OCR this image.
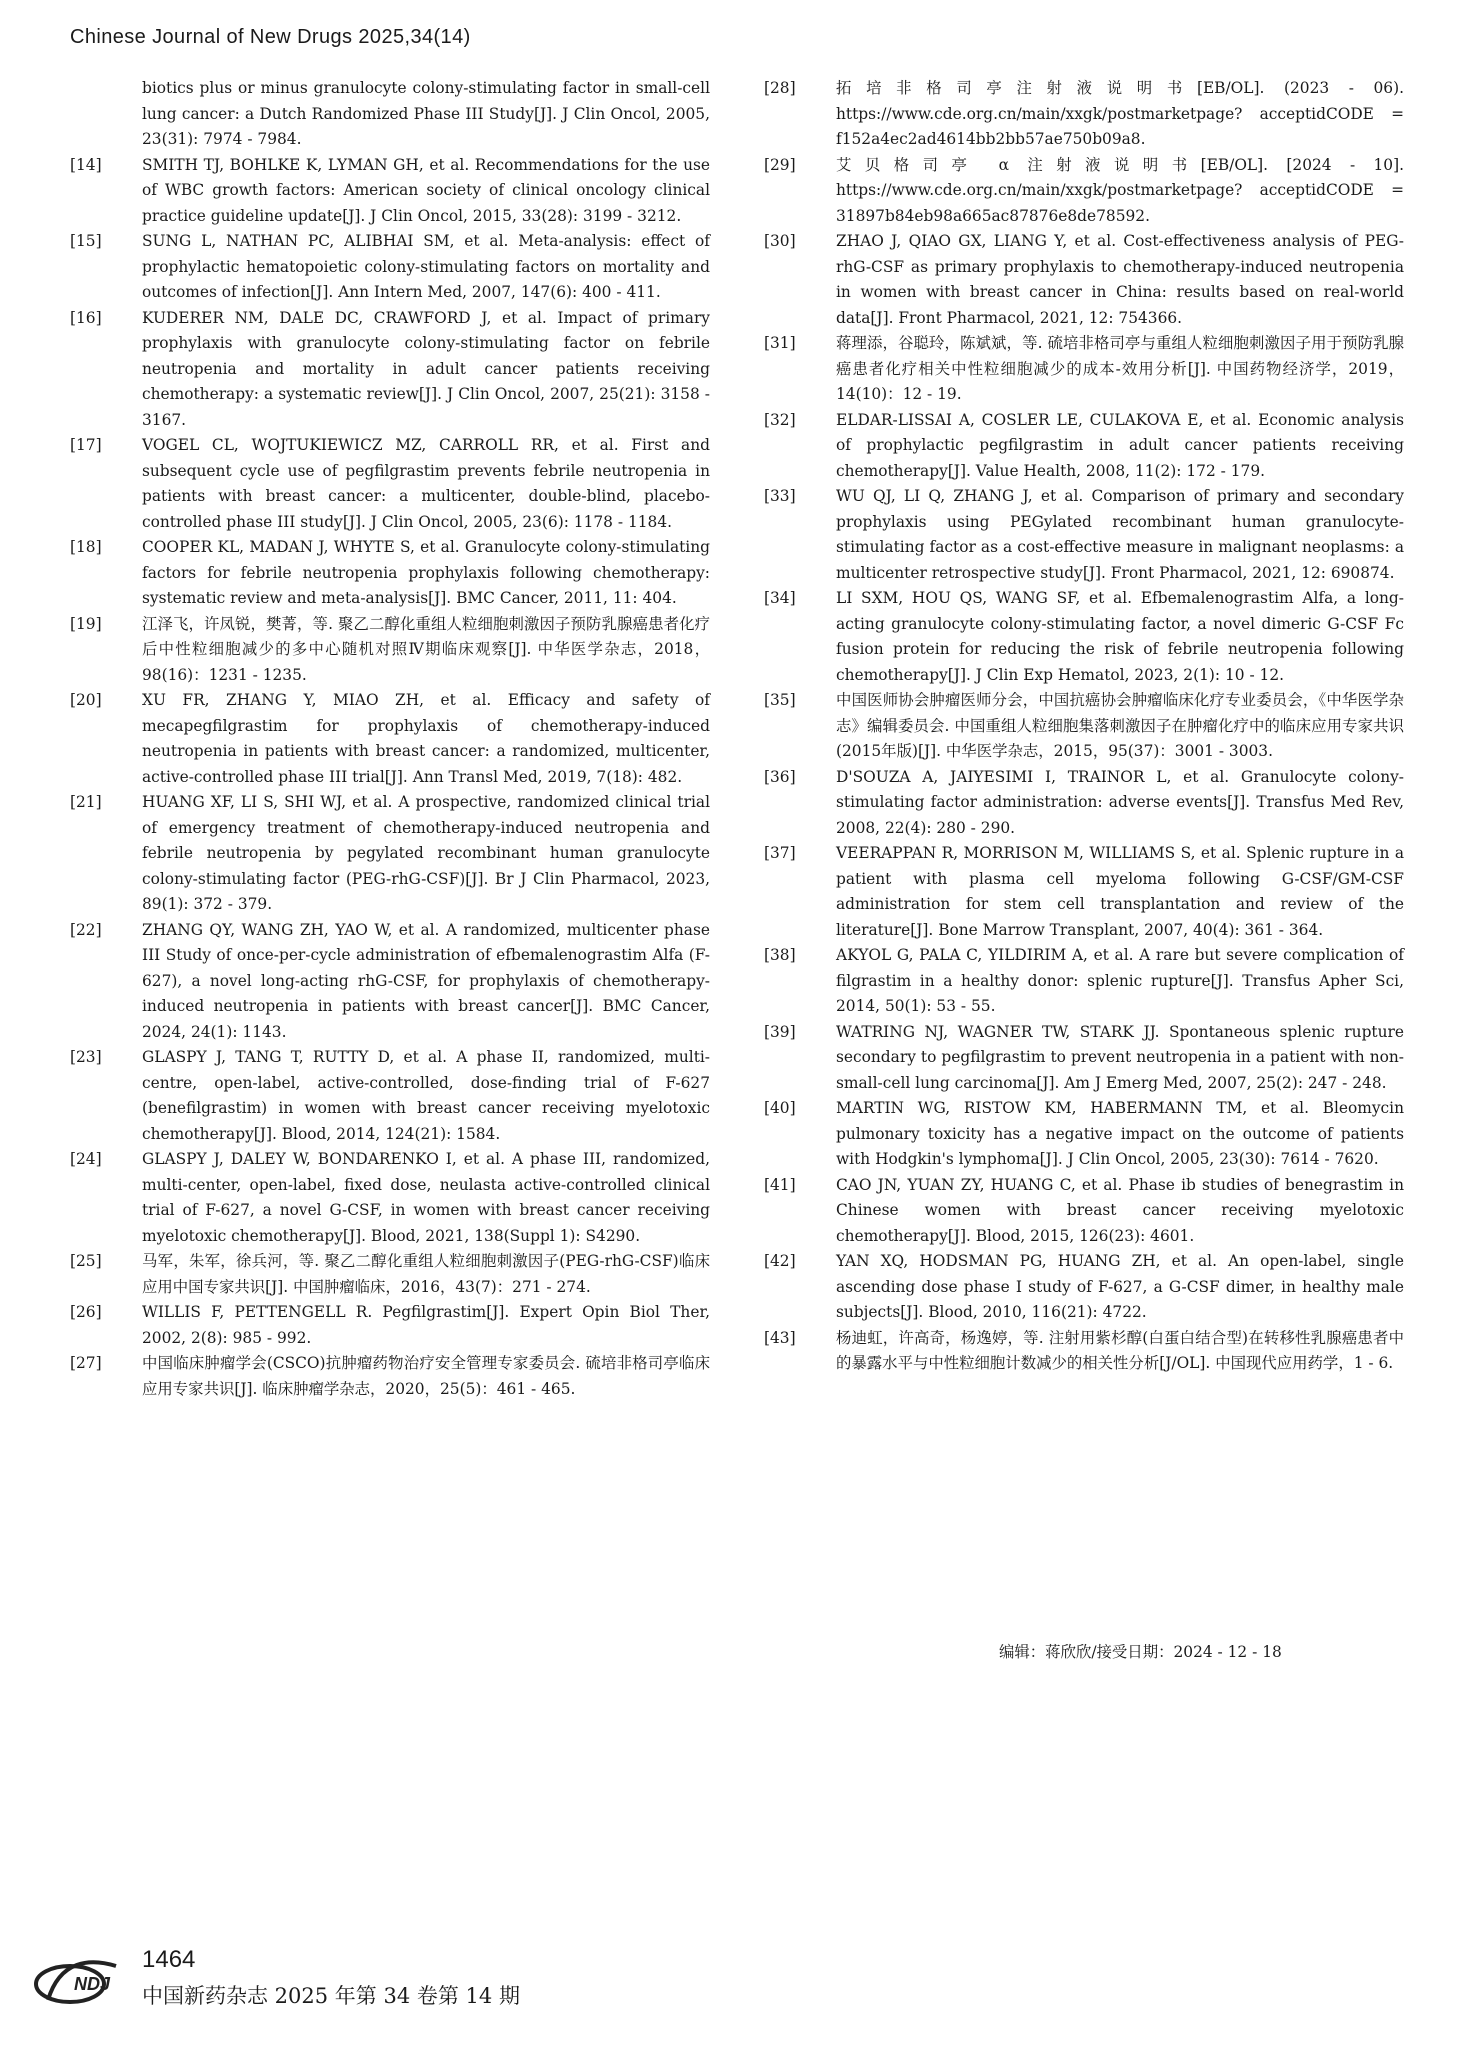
Chinese Journal of New Drugs 2025,34(14)

biotics plus or minus granulocyte colony-stimulating factor in small-cell lung cancer: a Dutch Randomized Phase III Study[J]. J Clin Oncol, 2005, 23(31): 7974 - 7984.

[14]	SMITH TJ, BOHLKE K, LYMAN GH, et al. Recommendations for the use of WBC growth factors: American society of clinical oncology clinical practice guideline update[J]. J Clin Oncol, 2015, 33(28): 3199 - 3212.

[15]	SUNG L, NATHAN PC, ALIBHAI SM, et al. Meta-analysis: effect of prophylactic hematopoietic colony-stimulating factors on mortality and outcomes of infection[J]. Ann Intern Med, 2007, 147(6): 400 - 411.

[16]	KUDERER NM, DALE DC, CRAWFORD J, et al. Impact of primary prophylaxis with granulocyte colony-stimulating factor on febrile neutropenia and mortality in adult cancer patients receiving chemotherapy: a systematic review[J]. J Clin Oncol, 2007, 25(21): 3158 - 3167.

[17]	VOGEL CL, WOJTUKIEWICZ MZ, CARROLL RR, et al. First and subsequent cycle use of pegfilgrastim prevents febrile neutropenia in patients with breast cancer: a multicenter, double-blind, placebo-controlled phase III study[J]. J Clin Oncol, 2005, 23(6): 1178 - 1184.

[18]	COOPER KL, MADAN J, WHYTE S, et al. Granulocyte colony-stimulating factors for febrile neutropenia prophylaxis following chemotherapy: systematic review and meta-analysis[J]. BMC Cancer, 2011, 11: 404.

[19]	江泽飞，许凤锐，樊菁，等. 聚乙二醇化重组人粒细胞刺激因子预防乳腺癌患者化疗后中性粒细胞减少的多中心随机对照Ⅳ期临床观察[J]. 中华医学杂志，2018，98(16)：1231 - 1235.

[20]	XU FR, ZHANG Y, MIAO ZH, et al. Efficacy and safety of mecapegfilgrastim for prophylaxis of chemotherapy-induced neutropenia in patients with breast cancer: a randomized, multicenter, active-controlled phase III trial[J]. Ann Transl Med, 2019, 7(18): 482.

[21]	HUANG XF, LI S, SHI WJ, et al. A prospective, randomized clinical trial of emergency treatment of chemotherapy-induced neutropenia and febrile neutropenia by pegylated recombinant human granulocyte colony-stimulating factor (PEG-rhG-CSF)[J]. Br J Clin Pharmacol, 2023, 89(1): 372 - 379.

[22]	ZHANG QY, WANG ZH, YAO W, et al. A randomized, multicenter phase III Study of once-per-cycle administration of efbemalenograstim Alfa (F-627), a novel long-acting rhG-CSF, for prophylaxis of chemotherapy-induced neutropenia in patients with breast cancer[J]. BMC Cancer, 2024, 24(1): 1143.

[23]	GLASPY J, TANG T, RUTTY D, et al. A phase II, randomized, multi-centre, open-label, active-controlled, dose-finding trial of F-627 (benefilgrastim) in women with breast cancer receiving myelotoxic chemotherapy[J]. Blood, 2014, 124(21): 1584.

[24]	GLASPY J, DALEY W, BONDARENKO I, et al. A phase III, randomized, multi-center, open-label, fixed dose, neulasta active-controlled clinical trial of F-627, a novel G-CSF, in women with breast cancer receiving myelotoxic chemotherapy[J]. Blood, 2021, 138(Suppl 1): S4290.

[25]	马军，朱军，徐兵河，等. 聚乙二醇化重组人粒细胞刺激因子(PEG-rhG-CSF)临床应用中国专家共识[J]. 中国肿瘤临床，2016，43(7)：271 - 274.

[26]	WILLIS F, PETTENGELL R. Pegfilgrastim[J]. Expert Opin Biol Ther, 2002, 2(8): 985 - 992.

[27]	中国临床肿瘤学会(CSCO)抗肿瘤药物治疗安全管理专家委员会. 硫培非格司亭临床应用专家共识[J]. 临床肿瘤学杂志，2020，25(5)：461 - 465.

[28]	拓培非格司亭注射液说明书[EB/OL]. (2023 - 06). https://www.cde.org.cn/main/xxgk/postmarketpage? acceptidCODE = f152a4ec2ad4614bb2bb57ae750b09a8.

[29]	艾贝格司亭 α 注射液说明书[EB/OL]. [2024 - 10]. https://www.cde.org.cn/main/xxgk/postmarketpage? acceptidCODE = 31897b84eb98a665ac87876e8de78592.

[30]	ZHAO J, QIAO GX, LIANG Y, et al. Cost-effectiveness analysis of PEG-rhG-CSF as primary prophylaxis to chemotherapy-induced neutropenia in women with breast cancer in China: results based on real-world data[J]. Front Pharmacol, 2021, 12: 754366.

[31]	蒋理添，谷聪玲，陈斌斌，等. 硫培非格司亭与重组人粒细胞刺激因子用于预防乳腺癌患者化疗相关中性粒细胞减少的成本-效用分析[J]. 中国药物经济学，2019，14(10)：12 - 19.

[32]	ELDAR-LISSAI A, COSLER LE, CULAKOVA E, et al. Economic analysis of prophylactic pegfilgrastim in adult cancer patients receiving chemotherapy[J]. Value Health, 2008, 11(2): 172 - 179.

[33]	WU QJ, LI Q, ZHANG J, et al. Comparison of primary and secondary prophylaxis using PEGylated recombinant human granulocyte-stimulating factor as a cost-effective measure in malignant neoplasms: a multicenter retrospective study[J]. Front Pharmacol, 2021, 12: 690874.

[34]	LI SXM, HOU QS, WANG SF, et al. Efbemalenograstim Alfa, a long-acting granulocyte colony-stimulating factor, a novel dimeric G-CSF Fc fusion protein for reducing the risk of febrile neutropenia following chemotherapy[J]. J Clin Exp Hematol, 2023, 2(1): 10 - 12.

[35]	中国医师协会肿瘤医师分会，中国抗癌协会肿瘤临床化疗专业委员会，《中华医学杂志》编辑委员会. 中国重组人粒细胞集落刺激因子在肿瘤化疗中的临床应用专家共识(2015年版)[J]. 中华医学杂志，2015，95(37)：3001 - 3003.

[36]	D'SOUZA A, JAIYESIMI I, TRAINOR L, et al. Granulocyte colony-stimulating factor administration: adverse events[J]. Transfus Med Rev, 2008, 22(4): 280 - 290.

[37]	VEERAPPAN R, MORRISON M, WILLIAMS S, et al. Splenic rupture in a patient with plasma cell myeloma following G-CSF/GM-CSF administration for stem cell transplantation and review of the literature[J]. Bone Marrow Transplant, 2007, 40(4): 361 - 364.

[38]	AKYOL G, PALA C, YILDIRIM A, et al. A rare but severe complication of filgrastim in a healthy donor: splenic rupture[J]. Transfus Apher Sci, 2014, 50(1): 53 - 55.

[39]	WATRING NJ, WAGNER TW, STARK JJ. Spontaneous splenic rupture secondary to pegfilgrastim to prevent neutropenia in a patient with non-small-cell lung carcinoma[J]. Am J Emerg Med, 2007, 25(2): 247 - 248.

[40]	MARTIN WG, RISTOW KM, HABERMANN TM, et al. Bleomycin pulmonary toxicity has a negative impact on the outcome of patients with Hodgkin's lymphoma[J]. J Clin Oncol, 2005, 23(30): 7614 - 7620.

[41]	CAO JN, YUAN ZY, HUANG C, et al. Phase ib studies of benegrastim in Chinese women with breast cancer receiving myelotoxic chemotherapy[J]. Blood, 2015, 126(23): 4601.

[42]	YAN XQ, HODSMAN PG, HUANG ZH, et al. An open-label, single ascending dose phase I study of F-627, a G-CSF dimer, in healthy male subjects[J]. Blood, 2010, 116(21): 4722.

[43]	杨迪虹，许高奇，杨逸婷，等. 注射用紫杉醇(白蛋白结合型)在转移性乳腺癌患者中的暴露水平与中性粒细胞计数减少的相关性分析[J/OL]. 中国现代应用药学，1 - 6.

编辑：蒋欣欣/接受日期：2024 - 12 - 18
NDJ
1464
中国新药杂志 2025 年第 34 卷第 14 期
